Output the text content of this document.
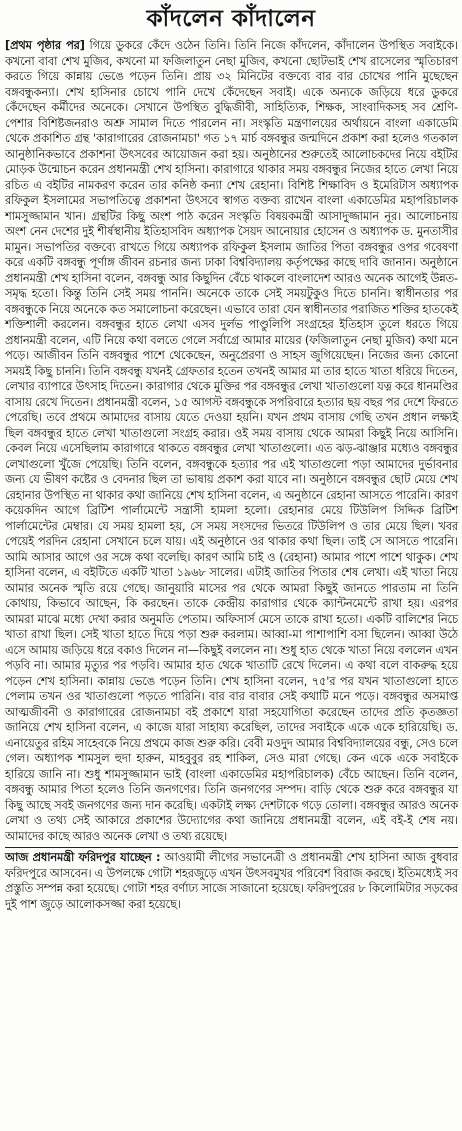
কাঁদলেন কাঁদালেন

[প্রথম পৃষ্ঠার পর] গিয়ে ডুকরে কেঁদে ওঠেন তিনি। তিনি নিজে কাঁদলেন, কাঁদালেন উপস্থিত সবাইকে। কখনো বাবা শেখ মুজিব, কখনো মা ফজিলাতুন নেছা মুজিব, কখনো ছোটভাই শেখ রাসেলের স্মৃতিচারণ করতে গিয়ে কান্নায় ভেঙে পড়েন তিনি। প্রায় ৩২ মিনিটের বক্তব্যে বার বার চোখের পানি মুছেছেন বঙ্গবন্ধুকন্যা। শেখ হাসিনার চোখে পানি দেখে কেঁদেছেন সবাই। একে অন্যকে জড়িয়ে ধরে ডুকরে কেঁদেছেন কর্মীদের অনেকে। সেখানে উপস্থিত বুদ্ধিজীবী, সাহিত্যিক, শিক্ষক, সাংবাদিকসহ সব শ্রেণি-পেশার বিশিষ্টজনরাও অশ্রু সামাল দিতে পারলেন না। সংস্কৃতি মন্ত্রণালয়ের অর্থায়নে বাংলা একাডেমি থেকে প্রকাশিত গ্রন্থ 'কারাগারের রোজনামচা' গত ১৭ মার্চ বঙ্গবন্ধুর জন্মদিনে প্রকাশ করা হলেও গতকাল আনুষ্ঠানিকভাবে প্রকাশনা উৎসবের আয়োজন করা হয়। অনুষ্ঠানের শুরুতেই আলোচকদের নিয়ে বইটির মোড়ক উন্মোচন করেন প্রধানমন্ত্রী শেখ হাসিনা। কারাগারে থাকার সময় বঙ্গবন্ধুর নিজের হাতে লেখা নিয়ে রচিত এ বইটির নামকরণ করেন তার কনিষ্ঠ কন্যা শেখ রেহানা। বিশিষ্ট শিক্ষাবিদ ও ইমেরিটাস অধ্যাপক রফিকুল ইসলামের সভাপতিত্বে প্রকাশনা উৎসবে স্বাগত বক্তব্য রাখেন বাংলা একাডেমির মহাপরিচালক শামসুজ্জামান খান। গ্রন্থটির কিছু অংশ পাঠ করেন সংস্কৃতি বিষয়কমন্ত্রী আসাদুজ্জামান নূর। আলোচনায় অংশ নেন দেশের দুই শীর্ষস্থানীয় ইতিহাসবিদ অধ্যাপক সৈয়দ আনোয়ার হোসেন ও অধ্যাপক ড. মুনতাসীর মামুন। সভাপতির বক্তব্যে রাখতে গিয়ে অধ্যাপক রফিকুল ইসলাম জাতির পিতা বঙ্গবন্ধুর ওপর গবেষণা করে একটি বঙ্গবন্ধু পূর্ণাঙ্গ জীবন রচনার জন্য ঢাকা বিশ্ববিদ্যালয় কর্তৃপক্ষের কাছে দাবি জানান। অনুষ্ঠানে প্রধানমন্ত্রী শেখ হাসিনা বলেন, বঙ্গবন্ধু আর কিছুদিন বেঁচে থাকলে বাংলাদেশ আরও অনেক আগেই উন্নত-সমৃদ্ধ হতো। কিন্তু তিনি সেই সময় পাননি। অনেকে তাকে সেই সময়টুকুও দিতে চাননি। স্বাধীনতার পর বঙ্গবন্ধুকে নিয়ে অনেকে কত সমালোচনা করেছেন। এভাবে তারা যেন স্বাধীনতার পরাজিত শক্তির হাতকেই শক্তিশালী করলেন। বঙ্গবন্ধুর হাতে লেখা এসব দুর্লভ পাণ্ডুলিপি সংগ্রহের ইতিহাস তুলে ধরতে গিয়ে প্রধানমন্ত্রী বলেন, এটি নিয়ে কথা বলতে গেলে সর্বাগ্রে আমার মায়ের (ফজিলাতুন নেছা মুজিব) কথা মনে পড়ে। আজীবন তিনি বঙ্গবন্ধুর পাশে থেকেছেন, অনুপ্রেরণা ও সাহস জুগিয়েছেন। নিজের জন্য কোনো সময়ই কিছু চাননি। তিনি বঙ্গবন্ধু যখনই গ্রেফতার হতেন তখনই আমার মা তার হাতে খাতা ধরিয়ে দিতেন, লেখার ব্যাপারে উৎসাহ দিতেন। কারাগার থেকে মুক্তির পর বঙ্গবন্ধুর লেখা খাতাগুলো যত্ন করে ধানমণ্ডির বাসায় রেখে দিতেন। প্রধানমন্ত্রী বলেন, ১৫ আগস্ট বঙ্গবন্ধুকে সপরিবারে হত্যার ছয় বছর পর দেশে ফিরতে পেরেছি। তবে প্রথমে আমাদের বাসায় যেতে দেওয়া হয়নি। যখন প্রথম বাসায় গেছি তখন প্রধান লক্ষ্যই ছিল বঙ্গবন্ধুর হাতে লেখা খাতাগুলো সংগ্রহ করার। ওই সময় বাসায় থেকে আমরা কিছুই নিয়ে আসিনি। কেবল নিয়ে এসেছিলাম কারাগারে থাকতে বঙ্গবন্ধুর লেখা খাতাগুলো। এত ঝড়-ঝাঞ্জার মধ্যেও বঙ্গবন্ধুর লেখাগুলো খুঁজে পেয়েছি। তিনি বলেন, বঙ্গবন্ধুকে হত্যার পর এই খাতাগুলো পড়া আমাদের দুর্ভাবনার জন্য যে ভীষণ কষ্টের ও বেদনার ছিল তা ভাষায় প্রকাশ করা যাবে না। অনুষ্ঠানে বঙ্গবন্ধুর ছোট মেয়ে শেখ রেহানার উপস্থিত না থাকার কথা জানিয়ে শেখ হাসিনা বলেন, এ অনুষ্ঠানে রেহানা আসতে পারেনি। কারণ কয়েকদিন আগে ব্রিটিশ পার্লামেন্টে সন্ত্রাসী হামলা হলো। রেহানার মেয়ে টিউলিপ সিদ্দিক ব্রিটিশ পার্লামেন্টের মেম্বার। যে সময় হামলা হয়, সে সময় সংসদের ভিতরে টিউলিপ ও তার মেয়ে ছিল। খবর পেয়েই পরদিন রেহানা সেখানে চলে যায়। এই অনুষ্ঠানে ওর থাকার কথা ছিল। তাই সে আসতে পারেনি। আমি আসার আগে ওর সঙ্গে কথা বলেছি। কারণ আমি চাই ও (রেহানা) আমার পাশে পাশে থাকুক। শেখ হাসিনা বলেন, এ বইটিতে একটি খাতা ১৯৬৮ সালের। এটাই জাতির পিতার শেষ লেখা। এই খাতা নিয়ে আমার অনেক স্মৃতি রয়ে গেছে। জানুয়ারি মাসের পর থেকে আমরা কিছুই জানতে পারতাম না তিনি কোথায়, কিভাবে আছেন, কি করছেন। তাকে কেন্দ্রীয় কারাগার থেকে ক্যান্টনমেন্টে রাখা হয়। এরপর আমরা মাঝে মধ্যে দেখা করার অনুমতি পেতাম। অফিসার্স মেসে তাকে রাখা হতো। একটি বালিশের নিচে খাতা রাখা ছিল। সেই খাতা হাতে দিয়ে পড়া শুরু করলাম। আব্বা-মা পাশাপাশি বসা ছিলেন। আব্বা উঠে এসে আমায় জড়িয়ে ধরে বকাও দিলেন না—কিছুই বললেন না। শুধু হাত থেকে খাতা নিয়ে বললেন এখন পড়বি না। আমার মৃত্যুর পর পড়বি। আমার হাত থেকে খাতাটি রেখে দিলেন। এ কথা বলে বাকরুদ্ধ হয়ে পড়েন শেখ হাসিনা। কান্নায় ভেঙে পড়েন তিনি। শেখ হাসিনা বলেন, ৭৫'র পর যখন খাতাগুলো হাতে পেলাম তখন ওর খাতাগুলো পড়তে পারিনি। বার বার বাবার সেই কথাটি মনে পড়ে। বঙ্গবন্ধুর অসমাপ্ত আত্মজীবনী ও কারাগারের রোজনামচা বই প্রকাশে যারা সহযোগিতা করেছেন তাদের প্রতি কৃতজ্ঞতা জানিয়ে শেখ হাসিনা বলেন, এ কাজে যারা সাহায্য করেছিল, তাদের সবাইকে একে একে হারিয়েছি। ড. এনায়েতুর রহিম সাহেবকে নিয়ে প্রথমে কাজ শুরু করি। বেবী মওদুদ আমার বিশ্ববিদ্যালয়ের বন্ধু, সেও চলে গেল। অধ্যাপক শামসুল হুদা হারুন, মাহবুবুর রহ শাকিল, সেও মারা গেছে। কেন একে একে সবাইকে হারিয়ে জানি না। শুধু শামসুজ্জামান ভাই (বাংলা একাডেমির মহাপরিচালক) বেঁচে আছেন। তিনি বলেন, বঙ্গবন্ধু আমার পিতা হলেও তিনি জনগণের। তিনি জনগণের সম্পদ। বাড়ি থেকে শুরু করে বঙ্গবন্ধুর যা কিছু আছে সবই জনগণের জন্য দান করেছি। একটাই লক্ষ্য দেশটাকে গড়ে তোলা। বঙ্গবন্ধুর আরও অনেক লেখা ও তথ্য সেই আকারে প্রকাশের উদ্যোগের কথা জানিয়ে প্রধানমন্ত্রী বলেন, এই বই-ই শেষ নয়। আমাদের কাছে আরও অনেক লেখা ও তথ্য রয়েছে।

আজ প্রধানমন্ত্রী ফরিদপুর যাচ্ছেন : আওয়ামী লীগের সভানেত্রী ও প্রধানমন্ত্রী শেখ হাসিনা আজ বুধবার ফরিদপুরে আসবেন। এ উপলক্ষে গোটা শহরজুড়ে এখন উৎসবমুখর পরিবেশ বিরাজ করছে। ইতিমধ্যেই সব প্রস্তুতি সম্পন্ন করা হয়েছে। গোটা শহর বর্ণাঢ্য সাজে সাজানো হয়েছে। ফরিদপুরের ৮ কিলোমিটার সড়কের দুই পাশ জুড়ে আলোকসজ্জা করা হয়েছে।
